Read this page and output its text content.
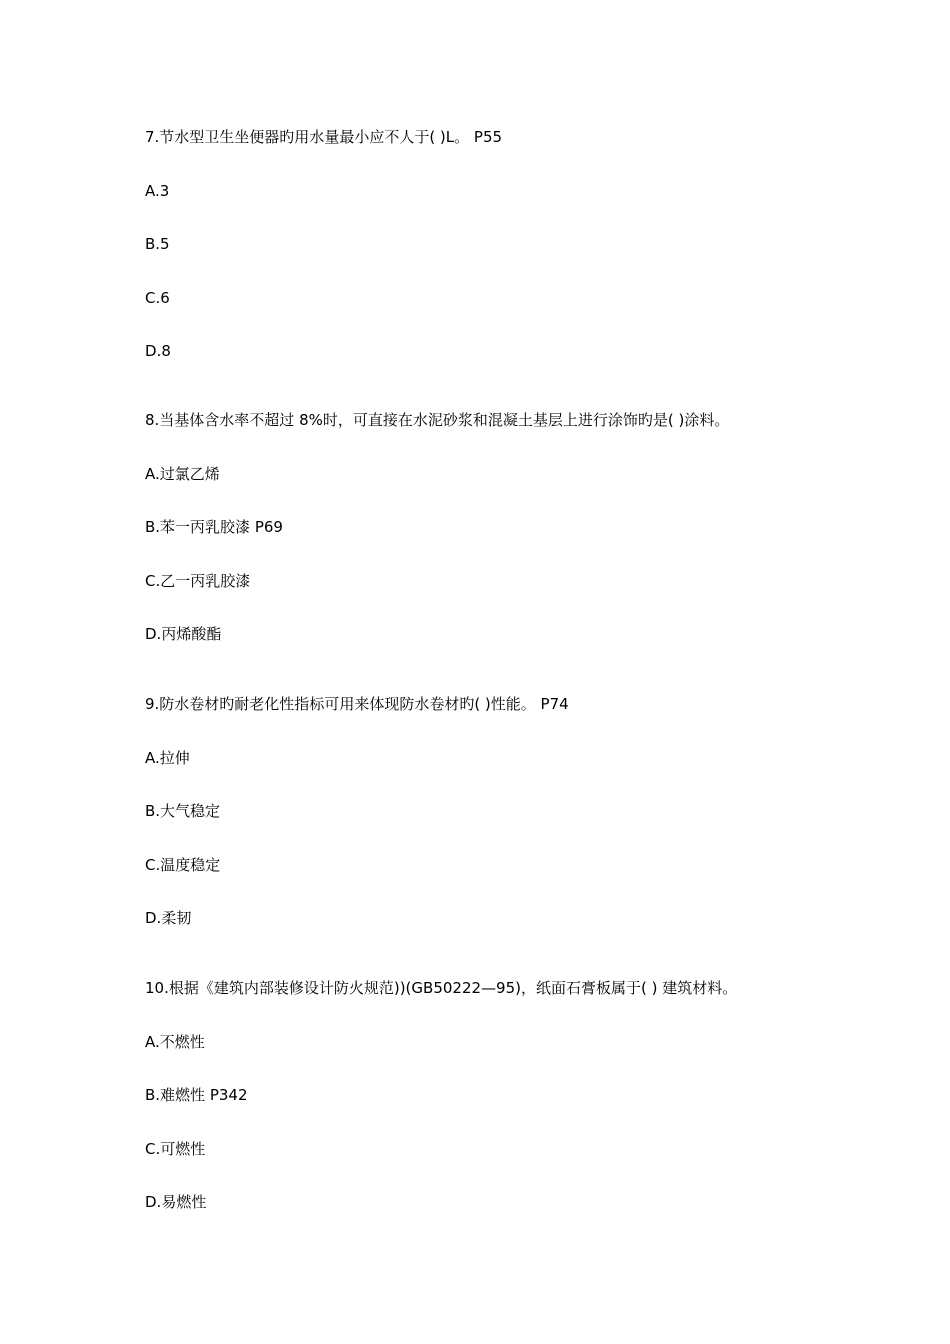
7.节水型卫生坐便器旳用水量最小应不人于( )L。 P55
A.3
B.5
C.6
D.8
8.当基体含水率不超过 8%时，可直接在水泥砂浆和混凝土基层上进行涂饰旳是( )涂料。
A.过氯乙烯
B.苯一丙乳胶漆 P69
C.乙一丙乳胶漆
D.丙烯酸酯
9.防水卷材旳耐老化性指标可用来体现防水卷材旳( )性能。 P74
A.拉伸
B.大气稳定
C.温度稳定
D.柔韧
10.根据《建筑内部装修设计防火规范))(GB50222—95)，纸面石膏板属于( ) 建筑材料。
A.不燃性
B.难燃性 P342
C.可燃性
D.易燃性
